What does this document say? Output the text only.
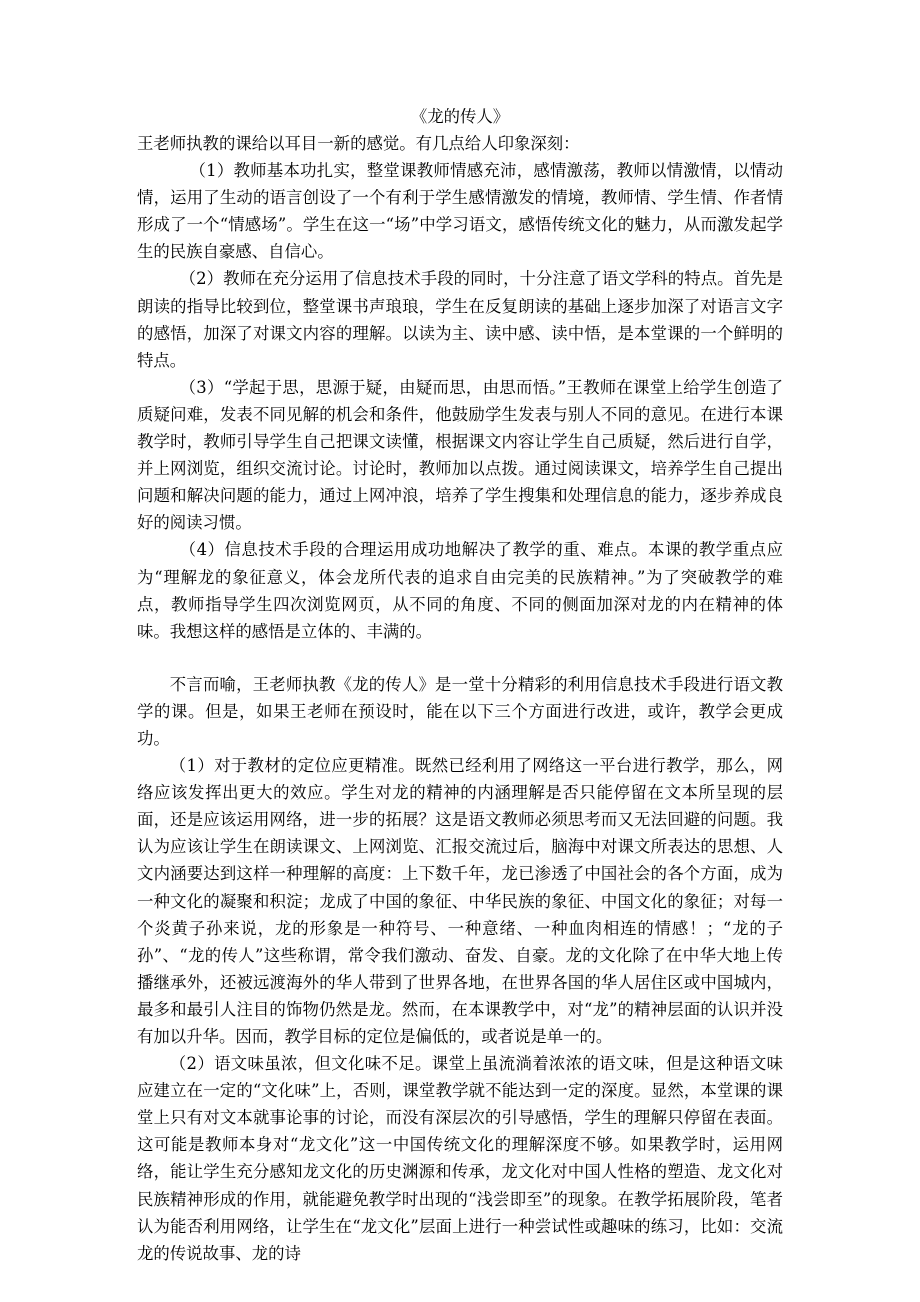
《龙的传人》

王老师执教的课给以耳目一新的感觉。有几点给人印象深刻：

（1）教师基本功扎实，整堂课教师情感充沛，感情激荡，教师以情激情，以情动情，运用了生动的语言创设了一个有利于学生感情激发的情境，教师情、学生情、作者情形成了一个“情感场”。学生在这一“场”中学习语文，感悟传统文化的魅力，从而激发起学生的民族自豪感、自信心。

（2）教师在充分运用了信息技术手段的同时，十分注意了语文学科的特点。首先是朗读的指导比较到位，整堂课书声琅琅，学生在反复朗读的基础上逐步加深了对语言文字的感悟，加深了对课文内容的理解。以读为主、读中感、读中悟，是本堂课的一个鲜明的特点。

（3）“学起于思，思源于疑，由疑而思，由思而悟。”王教师在课堂上给学生创造了质疑问难，发表不同见解的机会和条件，他鼓励学生发表与别人不同的意见。在进行本课教学时，教师引导学生自己把课文读懂，根据课文内容让学生自己质疑，然后进行自学，并上网浏览，组织交流讨论。讨论时，教师加以点拨。通过阅读课文，培养学生自己提出问题和解决问题的能力，通过上网冲浪，培养了学生搜集和处理信息的能力，逐步养成良好的阅读习惯。

（4）信息技术手段的合理运用成功地解决了教学的重、难点。本课的教学重点应为“理解龙的象征意义，体会龙所代表的追求自由完美的民族精神。”为了突破教学的难点，教师指导学生四次浏览网页，从不同的角度、不同的侧面加深对龙的内在精神的体味。我想这样的感悟是立体的、丰满的。

不言而喻，王老师执教《龙的传人》是一堂十分精彩的利用信息技术手段进行语文教学的课。但是，如果王老师在预设时，能在以下三个方面进行改进，或许，教学会更成功。

（1）对于教材的定位应更精准。既然已经利用了网络这一平台进行教学，那么，网络应该发挥出更大的效应。学生对龙的精神的内涵理解是否只能停留在文本所呈现的层面，还是应该运用网络，进一步的拓展？这是语文教师必须思考而又无法回避的问题。我认为应该让学生在朗读课文、上网浏览、汇报交流过后，脑海中对课文所表达的思想、人文内涵要达到这样一种理解的高度：上下数千年，龙已渗透了中国社会的各个方面，成为一种文化的凝聚和积淀；龙成了中国的象征、中华民族的象征、中国文化的象征；对每一个炎黄子孙来说，龙的形象是一种符号、一种意绪、一种血肉相连的情感！；“龙的子孙”、“龙的传人”这些称谓，常令我们激动、奋发、自豪。龙的文化除了在中华大地上传播继承外，还被远渡海外的华人带到了世界各地，在世界各国的华人居住区或中国城内，最多和最引人注目的饰物仍然是龙。然而，在本课教学中，对“龙”的精神层面的认识并没有加以升华。因而，教学目标的定位是偏低的，或者说是单一的。

（2）语文味虽浓，但文化味不足。课堂上虽流淌着浓浓的语文味，但是这种语文味应建立在一定的“文化味”上，否则，课堂教学就不能达到一定的深度。显然，本堂课的课堂上只有对文本就事论事的讨论，而没有深层次的引导感悟，学生的理解只停留在表面。这可能是教师本身对“龙文化”这一中国传统文化的理解深度不够。如果教学时，运用网络，能让学生充分感知龙文化的历史渊源和传承，龙文化对中国人性格的塑造、龙文化对民族精神形成的作用，就能避免教学时出现的“浅尝即至”的现象。在教学拓展阶段，笔者认为能否利用网络，让学生在“龙文化”层面上进行一种尝试性或趣味的练习，比如：交流龙的传说故事、龙的诗
